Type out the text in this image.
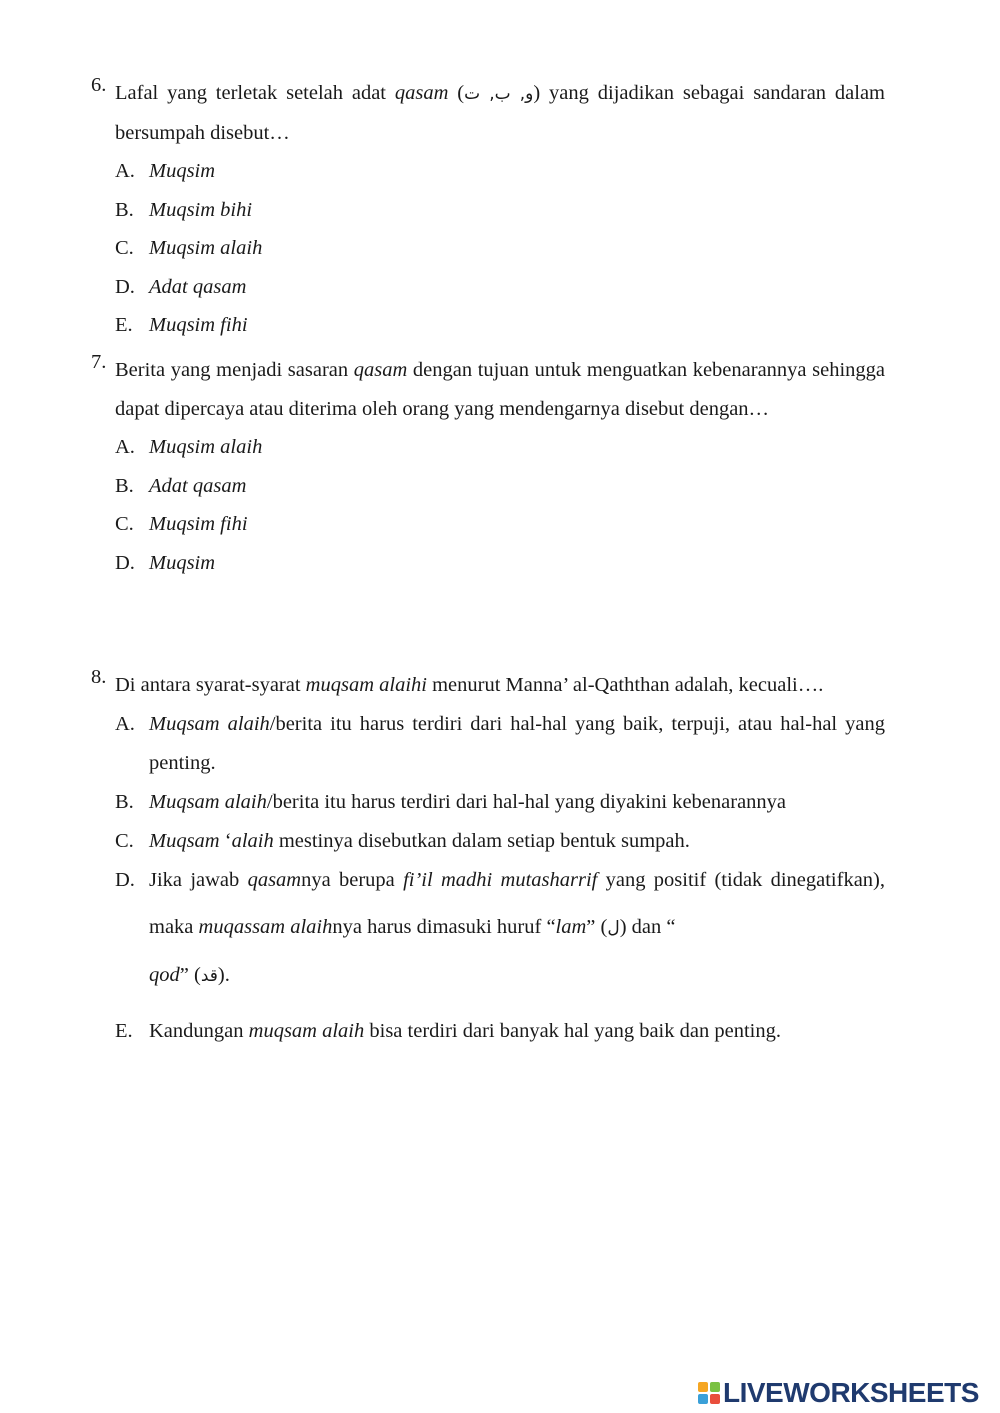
6. Lafal yang terletak setelah adat qasam (و, ب, ت) yang dijadikan sebagai sandaran dalam bersumpah disebut…
A. Muqsim
B. Muqsim bihi
C. Muqsim alaih
D. Adat qasam
E. Muqsim fihi
7. Berita yang menjadi sasaran qasam dengan tujuan untuk menguatkan kebenarannya sehingga dapat dipercaya atau diterima oleh orang yang mendengarnya disebut dengan…
A. Muqsim alaih
B. Adat qasam
C. Muqsim fihi
D. Muqsim
8. Di antara syarat-syarat muqsam alaihi menurut Manna’ al-Qaththan adalah, kecuali….
A. Muqsam alaih/berita itu harus terdiri dari hal-hal yang baik, terpuji, atau hal-hal yang penting.
B. Muqsam alaih/berita itu harus terdiri dari hal-hal yang diyakini kebenarannya
C. Muqsam ‘alaih mestinya disebutkan dalam setiap bentuk sumpah.
D. Jika jawab qasamnya berupa fi’il madhi mutasharrif yang positif (tidak dinegatifkan), maka muqassam alaihnya harus dimasuki huruf “lam” (ل) dan “
qod” (قد).
E. Kandungan muqsam alaih bisa terdiri dari banyak hal yang baik dan penting.
LIVEWORKSHEETS
